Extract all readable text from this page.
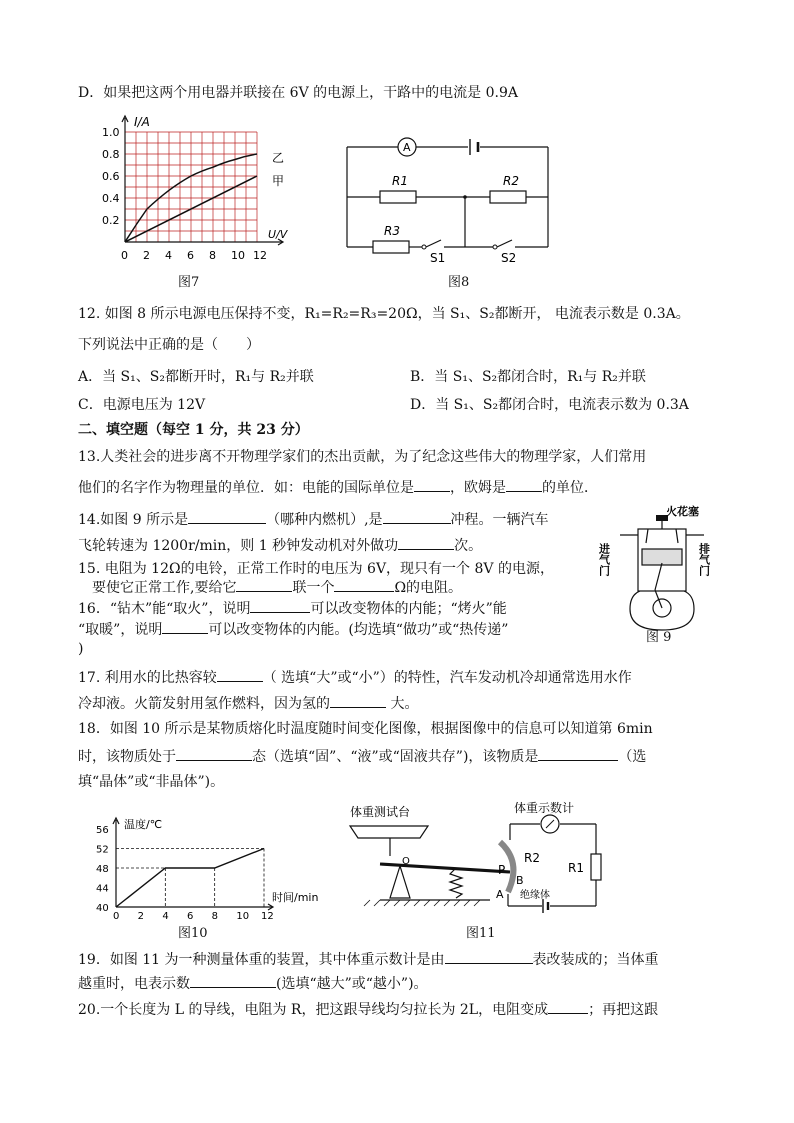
D．如果把这两个用电器并联接在 6V 的电源上，干路中的电流是 0.9A
1.0
0.8
0.6
0.4
0.2
0 2 4 6 8 10 12
I/A
U/V
乙
甲
图7
A
R1	R2
R3
S1	S2
图8
12. 如图 8 所示电源电压保持不变，R₁=R₂=R₃=20Ω，当 S₁、S₂都断开， 电流表示数是 0.3A。
下列说法中正确的是（　　）
A．当 S₁、S₂都断开时，R₁与 R₂并联	B．当 S₁、S₂都闭合时，R₁与 R₂并联
C．电源电压为 12V	D．当 S₁、S₂都闭合时，电流表示数为 0.3A
二、填空题（每空 1 分，共 23 分）
13.人类社会的进步离不开物理学家们的杰出贡献，为了纪念这些伟大的物理学家，人们常用
他们的名字作为物理量的单位．如：电能的国际单位是	，欧姆是	的单位．
14.如图 9 所示是	（哪种内燃机）,是	冲程。一辆汽车
飞轮转速为 1200r/min，则 1 秒钟发动机对外做功	次。
15. 电阻为 12Ω的电铃，正常工作时的电压为 6V，现只有一个 8V 的电源，
要使它正常工作,要给它	联一个	Ω的电阻。
16．“钻木”能“取火”，说明	可以改变物体的内能；“烤火”能
“取暖”，说明	可以改变物体的内能。(均选填“做功”或“热传递”
)
火花塞
进气门	排气门
图 9
17. 利用水的比热容较	（ 选填“大”或“小”）的特性，汽车发动机冷却通常选用水作
冷却液。火箭发射用氢作燃料，因为氢的	大。
18．如图 10 所示是某物质熔化时温度随时间变化图像，根据图像中的信息可以知道第 6min
时，该物质处于	态（选填“固”、“液”或“固液共存”)，该物质是	（选
填“晶体”或“非晶体”)。
56
52
48
44
40
0 2 4 6 8 10 12
温度/℃
时间/min
图10
体重测试台	体重示数计
O	R2
R1
P
B
A 绝缘体
图11
19．如图 11 为一种测量体重的装置，其中体重示数计是由	表改装成的；当体重
越重时，电表示数	(选填“越大”或“越小”)。
20.一个长度为 L 的导线，电阻为 R，把这跟导线均匀拉长为 2L，电阻变成	；再把这跟
